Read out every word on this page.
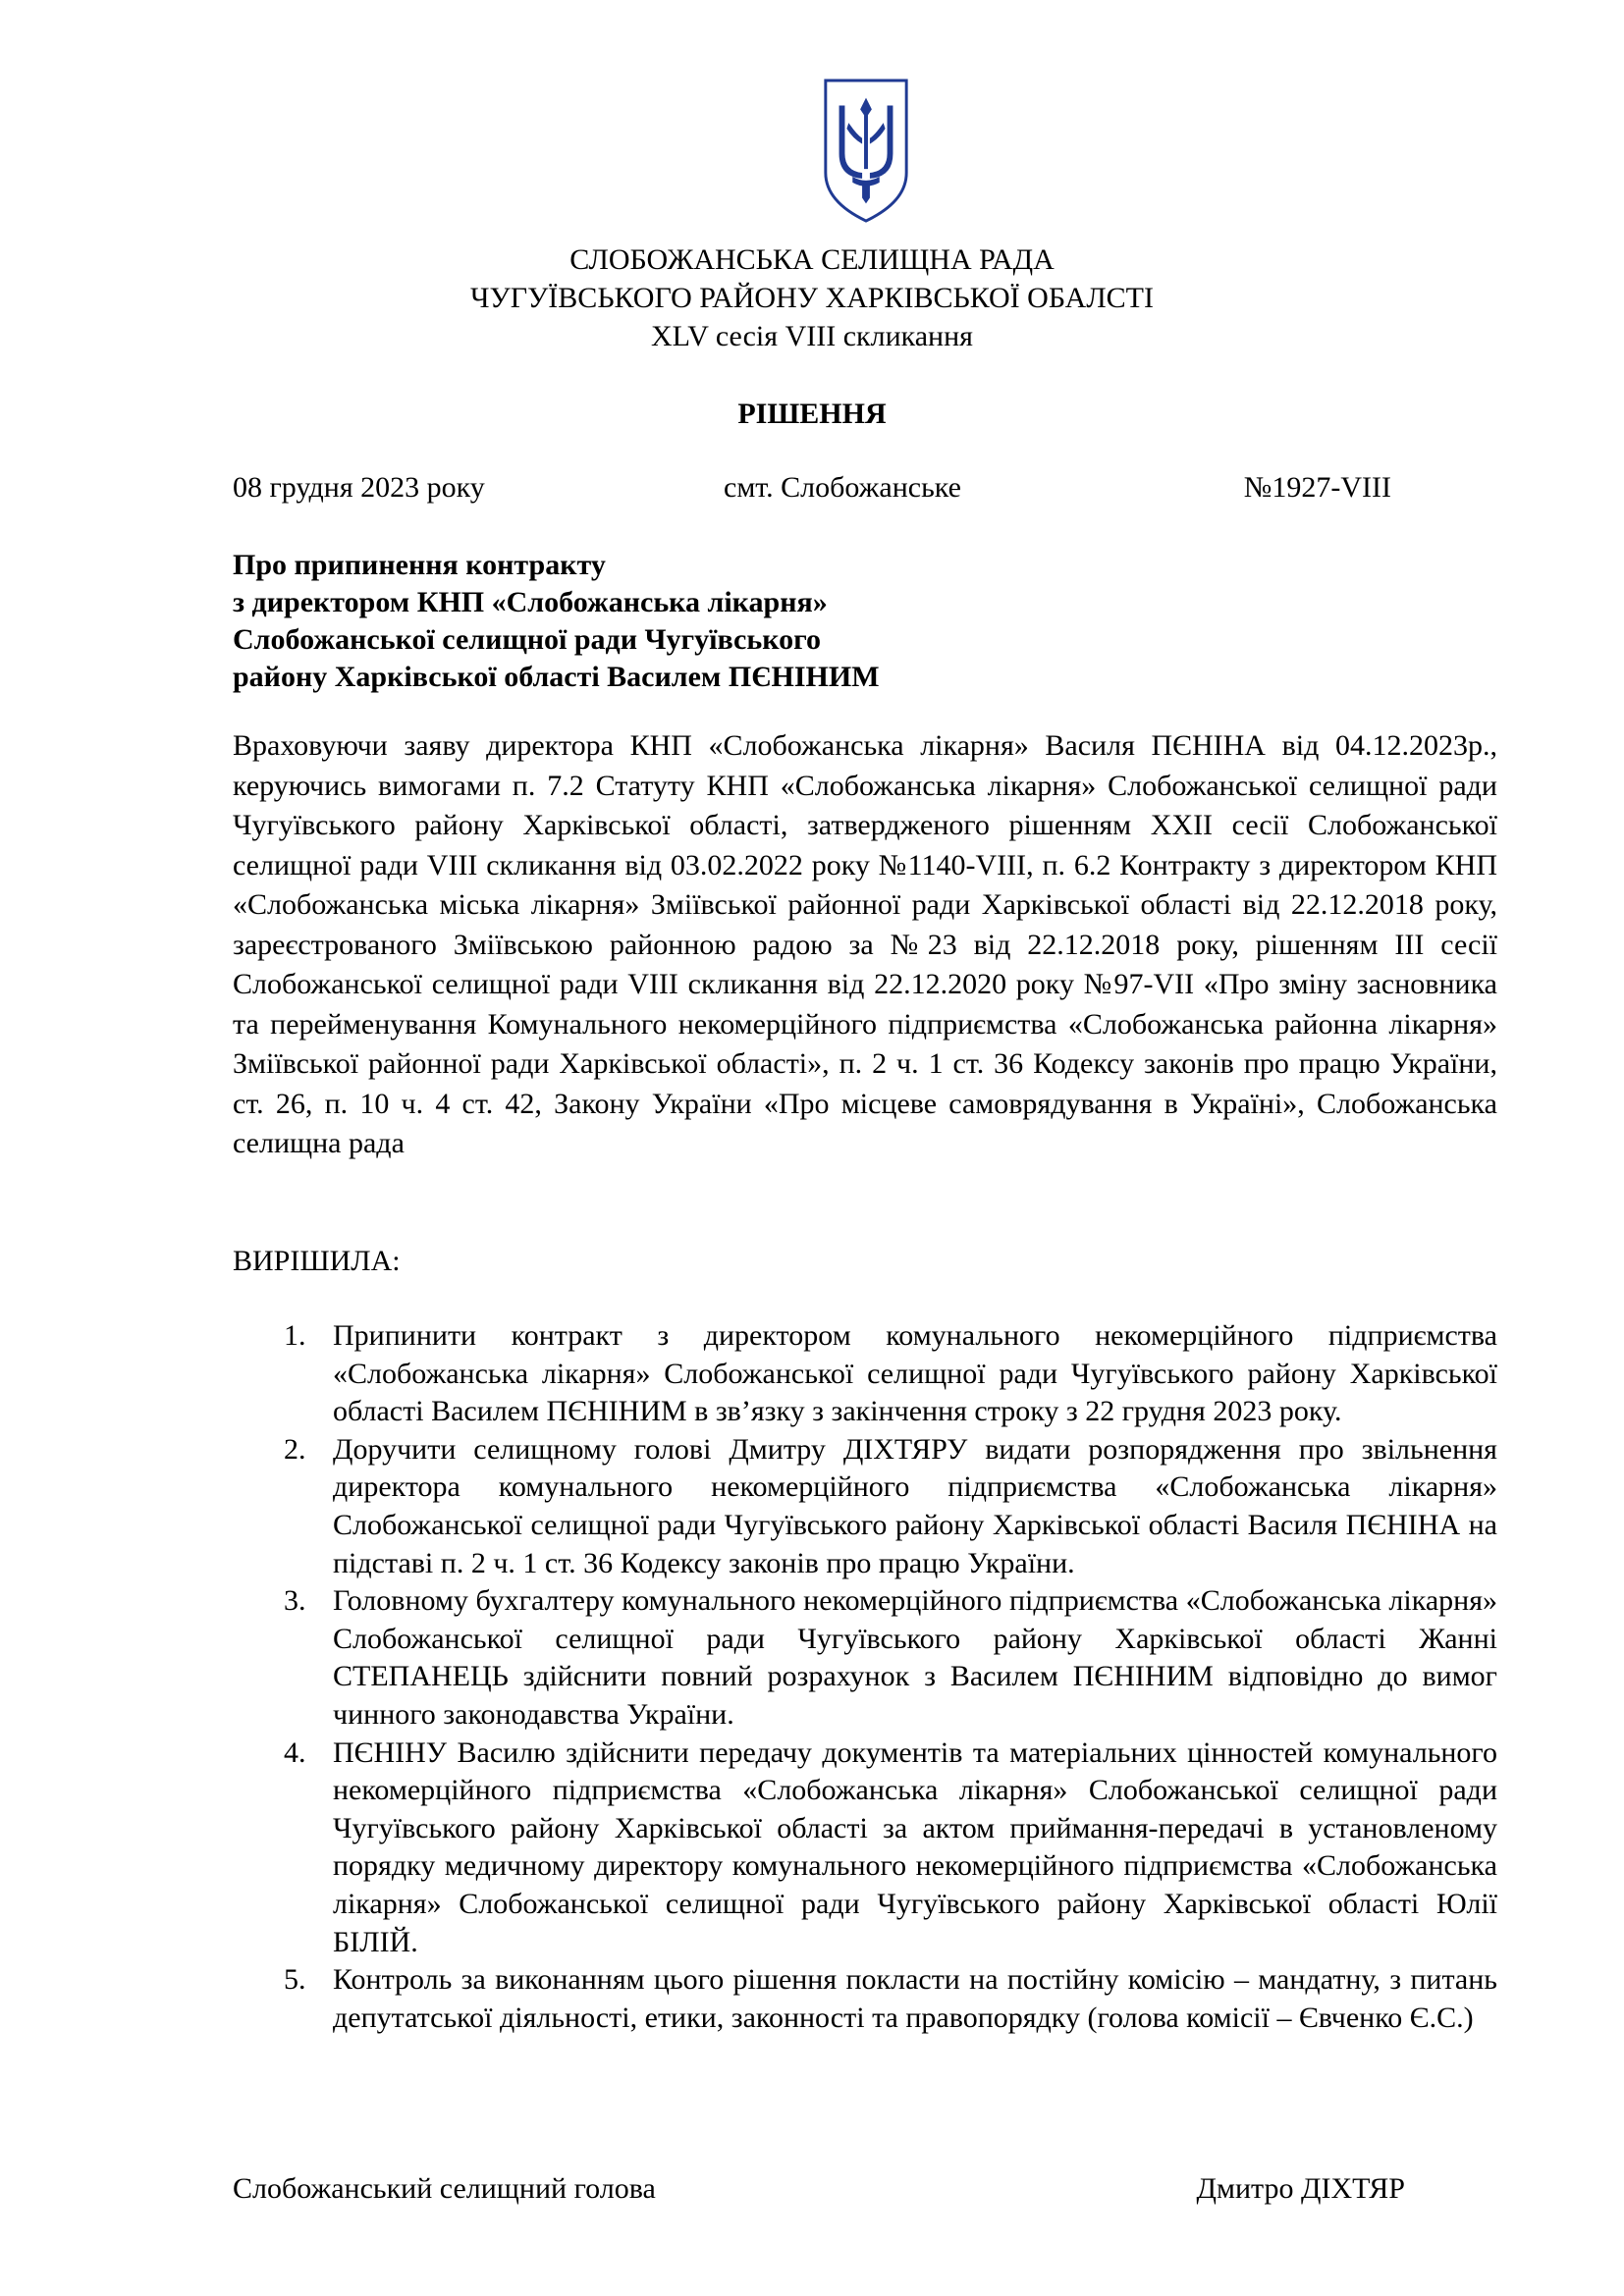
СЛОБОЖАНСЬКА СЕЛИЩНА РАДА
ЧУГУЇВСЬКОГО РАЙОНУ ХАРКІВСЬКОЇ ОБАЛСТІ
XLV сесія VIII скликання
РІШЕННЯ
08 грудня 2023 року	смт. Слобожанське	№1927-VIII
Про припинення контракту
з директором КНП «Слобожанська лікарня»
Слобожанської селищної ради Чугуївського
району Харківської області Василем ПЄНІНИМ

Враховуючи заяву директора КНП «Слобожанська лікарня» Василя ПЄНІНА від 04.12.2023р., керуючись вимогами п. 7.2 Статуту КНП «Слобожанська лікарня» Слобожанської селищної ради Чугуївського району Харківської області, затвердженого рішенням XXII сесії Слобожанської селищної ради VIII скликання від 03.02.2022 року №1140-VIII, п. 6.2 Контракту з директором КНП «Слобожанська міська лікарня» Зміївської районної ради Харківської області від 22.12.2018 року, зареєстрованого Зміївською районною радою за №23 від 22.12.2018 року, рішенням III сесії Слобожанської селищної ради VIII скликання від 22.12.2020 року №97-VII «Про зміну засновника та перейменування Комунального некомерційного підприємства «Слобожанська районна лікарня» Зміївської районної ради Харківської області», п. 2 ч. 1 ст. 36 Кодексу законів про працю України, ст. 26, п. 10 ч. 4 ст. 42, Закону України «Про місцеве самоврядування в Україні», Слобожанська селищна рада

ВИРІШИЛА:
1. Припинити контракт з директором комунального некомерційного підприємства «Слобожанська лікарня» Слобожанської селищної ради Чугуївського району Харківської області Василем ПЄНІНИМ в зв’язку з закінчення строку з 22 грудня 2023 року.
2. Доручити селищному голові Дмитру ДІХТЯРУ видати розпорядження про звільнення директора комунального некомерційного підприємства «Слобожанська лікарня» Слобожанської селищної ради Чугуївського району Харківської області Василя ПЄНІНА на підставі п. 2 ч. 1 ст. 36 Кодексу законів про працю України.
3. Головному бухгалтеру комунального некомерційного підприємства «Слобожанська лікарня» Слобожанської селищної ради Чугуївського району Харківської області Жанні СТЕПАНЕЦЬ здійснити повний розрахунок з Василем ПЄНІНИМ відповідно до вимог чинного законодавства України.
4. ПЄНІНУ Василю здійснити передачу документів та матеріальних цінностей комунального некомерційного підприємства «Слобожанська лікарня» Слобожанської селищної ради Чугуївського району Харківської області за актом приймання-передачі в установленому порядку медичному директору комунального некомерційного підприємства «Слобожанська лікарня» Слобожанської селищної ради Чугуївського району Харківської області Юлії БІЛІЙ.
5. Контроль за виконанням цього рішення покласти на постійну комісію – мандатну, з питань депутатської діяльності, етики, законності та правопорядку (голова комісії – Євченко Є.С.)
Слобожанський селищний голова	Дмитро ДІХТЯР
